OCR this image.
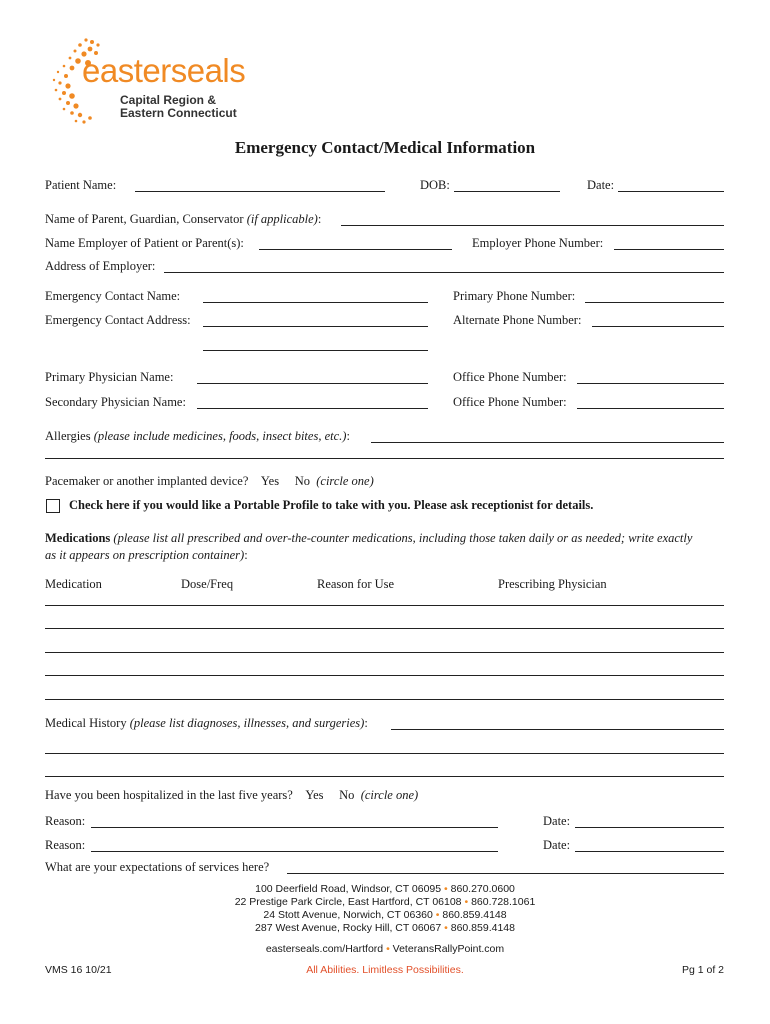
easterseals
Capital Region &
Eastern Connecticut
Emergency Contact/Medical Information
Patient Name:	DOB:	Date:
Name of Parent, Guardian, Conservator (if applicable):
Name Employer of Patient or Parent(s):	Employer Phone Number:
Address of Employer:
Emergency Contact Name:	Primary Phone Number:
Emergency Contact Address:	Alternate Phone Number:
Primary Physician Name:	Office Phone Number:
Secondary Physician Name:	Office Phone Number:
Allergies (please include medicines, foods, insect bites, etc.):
Pacemaker or another implanted device? Yes No (circle one)
Check here if you would like a Portable Profile to take with you. Please ask receptionist for details.
Medications (please list all prescribed and over-the-counter medications, including those taken daily or as needed; write exactly as it appears on prescription container):
Medication	Dose/Freq	Reason for Use	Prescribing Physician
Medical History (please list diagnoses, illnesses, and surgeries):
Have you been hospitalized in the last five years? Yes No (circle one)
Reason:	Date:
Reason:	Date:
What are your expectations of services here?
100 Deerfield Road, Windsor, CT 06095 • 860.270.0600
22 Prestige Park Circle, East Hartford, CT 06108 • 860.728.1061
24 Stott Avenue, Norwich, CT 06360 • 860.859.4148
287 West Avenue, Rocky Hill, CT 06067 • 860.859.4148
easterseals.com/Hartford • VeteransRallyPoint.com
VMS 16 10/21	All Abilities. Limitless Possibilities.	Pg 1 of 2
